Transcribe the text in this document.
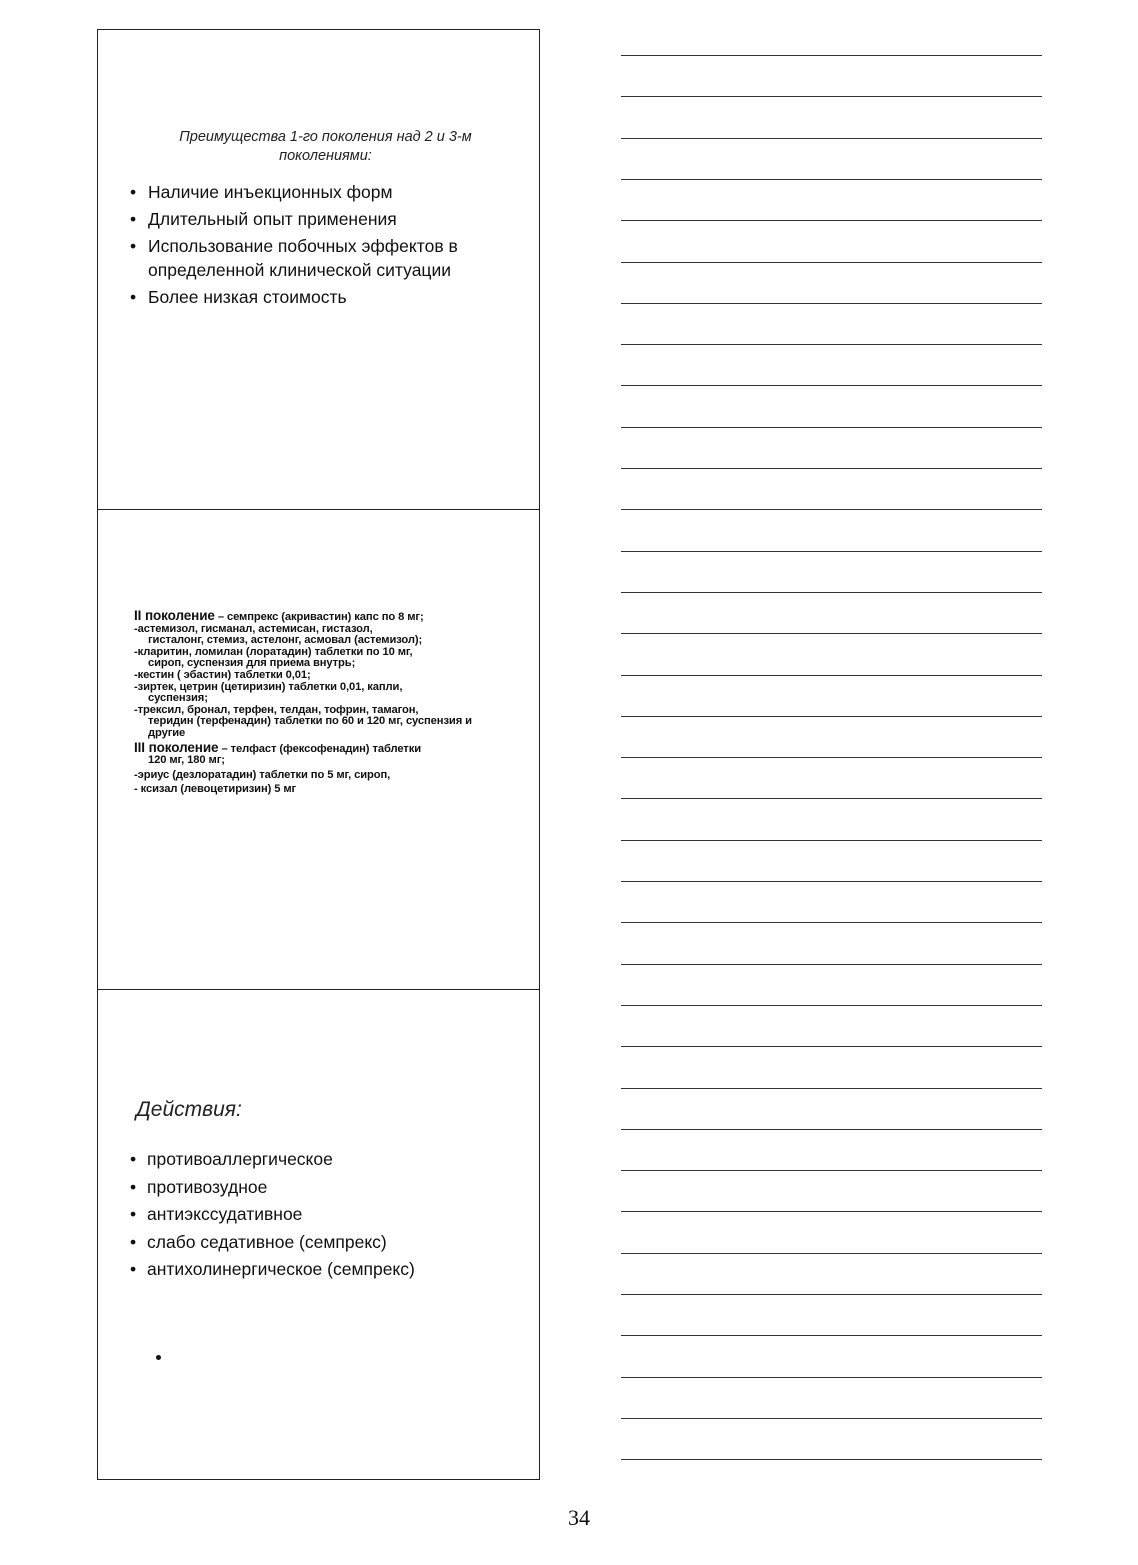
Преимущества 1-го поколения над 2 и 3-м поколениями:
• Наличие инъекционных форм
• Длительный опыт применения
• Использование побочных эффектов в определенной клинической ситуации
• Более низкая стоимость

II поколение – семпрекс (акривастин) капс по 8 мг;

-астемизол, гисманал, астемисан, гистазол,

гисталонг, стемиз, астелонг, асмовал (астемизол);

-кларитин, ломилан (лоратадин) таблетки по 10 мг,

сироп, суспензия для приема внутрь;

-кестин ( эбастин) таблетки 0,01;

-зиртек, цетрин (цетиризин) таблетки 0,01, капли,

суспензия;

-трексил, бронал, терфен, телдан, тофрин, тамагон,

теридин (терфенадин) таблетки по 60 и 120 мг, суспензия и другие

III поколение – телфаст (фексофенадин) таблетки

120 мг, 180 мг;

-эриус (дезлоратадин) таблетки по 5 мг, сироп,

- ксизал (левоцетиризин) 5 мг

Действия:
• противоаллергическое
• противозудное
• антиэкссудативное
• слабо седативное (семпрекс)
• антихолинергическое (семпрекс)
34
